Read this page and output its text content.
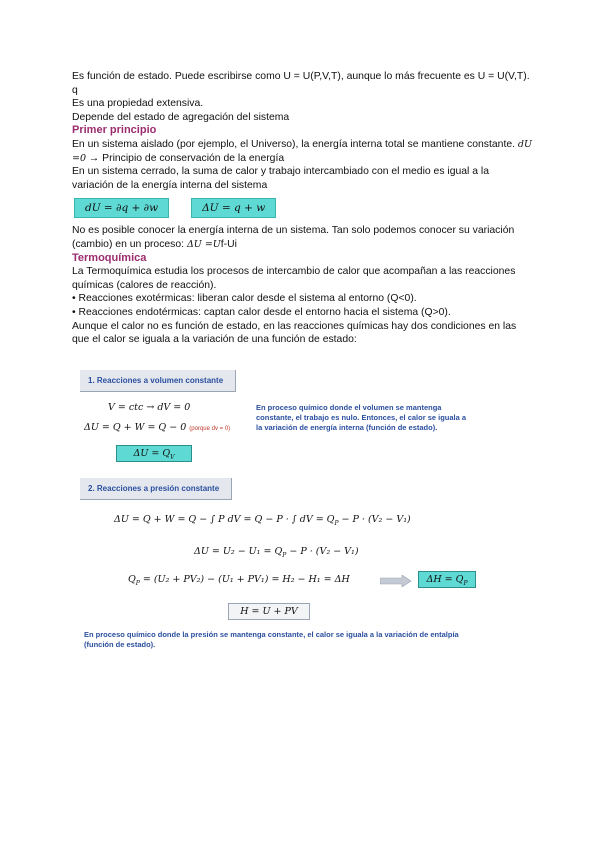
Es función de estado. Puede escribirse como U = U(P,V,T), aunque lo más frecuente es U = U(V,T). q

Es una propiedad extensiva.

Depende del estado de agregación del sistema

Primer principio

En un sistema aislado (por ejemplo, el Universo), la energía interna total se mantiene constante. dU =0 → Principio de conservación de la energía

En un sistema cerrado, la suma de calor y trabajo intercambiado con el medio es igual a la variación de la energía interna del sistema

dU = ∂q + ∂w	ΔU = q + w

No es posible conocer la energía interna de un sistema. Tan solo podemos conocer su variación (cambio) en un proceso: ΔU =Uf-Ui

Termoquímica

La Termoquímica estudia los procesos de intercambio de calor que acompañan a las reacciones químicas (calores de reacción).

• Reacciones exotérmicas: liberan calor desde el sistema al entorno (Q<0).

• Reacciones endotérmicas: captan calor desde el entorno hacia el sistema (Q>0).

Aunque el calor no es función de estado, en las reacciones químicas hay dos condiciones en las que el calor se iguala a la variación de una función de estado:

1. Reacciones a volumen constante
V = ctc → dV = 0
ΔU = Q + W = Q − 0 (porque dv = 0)
$\Delta U = Q_V$
En proceso químico donde el volumen se mantenga constante, el trabajo es nulo. Entonces, el calor se iguala a la variación de energía interna (función de estado).
2. Reacciones a presión constante
ΔU = Q + W = Q − ∫ P dV = Q − P · ∫ dV = $Q_P - P \cdot (V_2 - V_1)$
$\Delta U = U_2 - U_1 = Q_P - P \cdot (V_2 - V_1)$
$Q_P = (U_2 + PV_2) - (U_1 + PV_1) = H_2 - H_1 = \Delta H$	$\Delta H = Q_P$
H = U + PV
En proceso químico donde la presión se mantenga constante, el calor se iguala a la variación de entalpía (función de estado).
